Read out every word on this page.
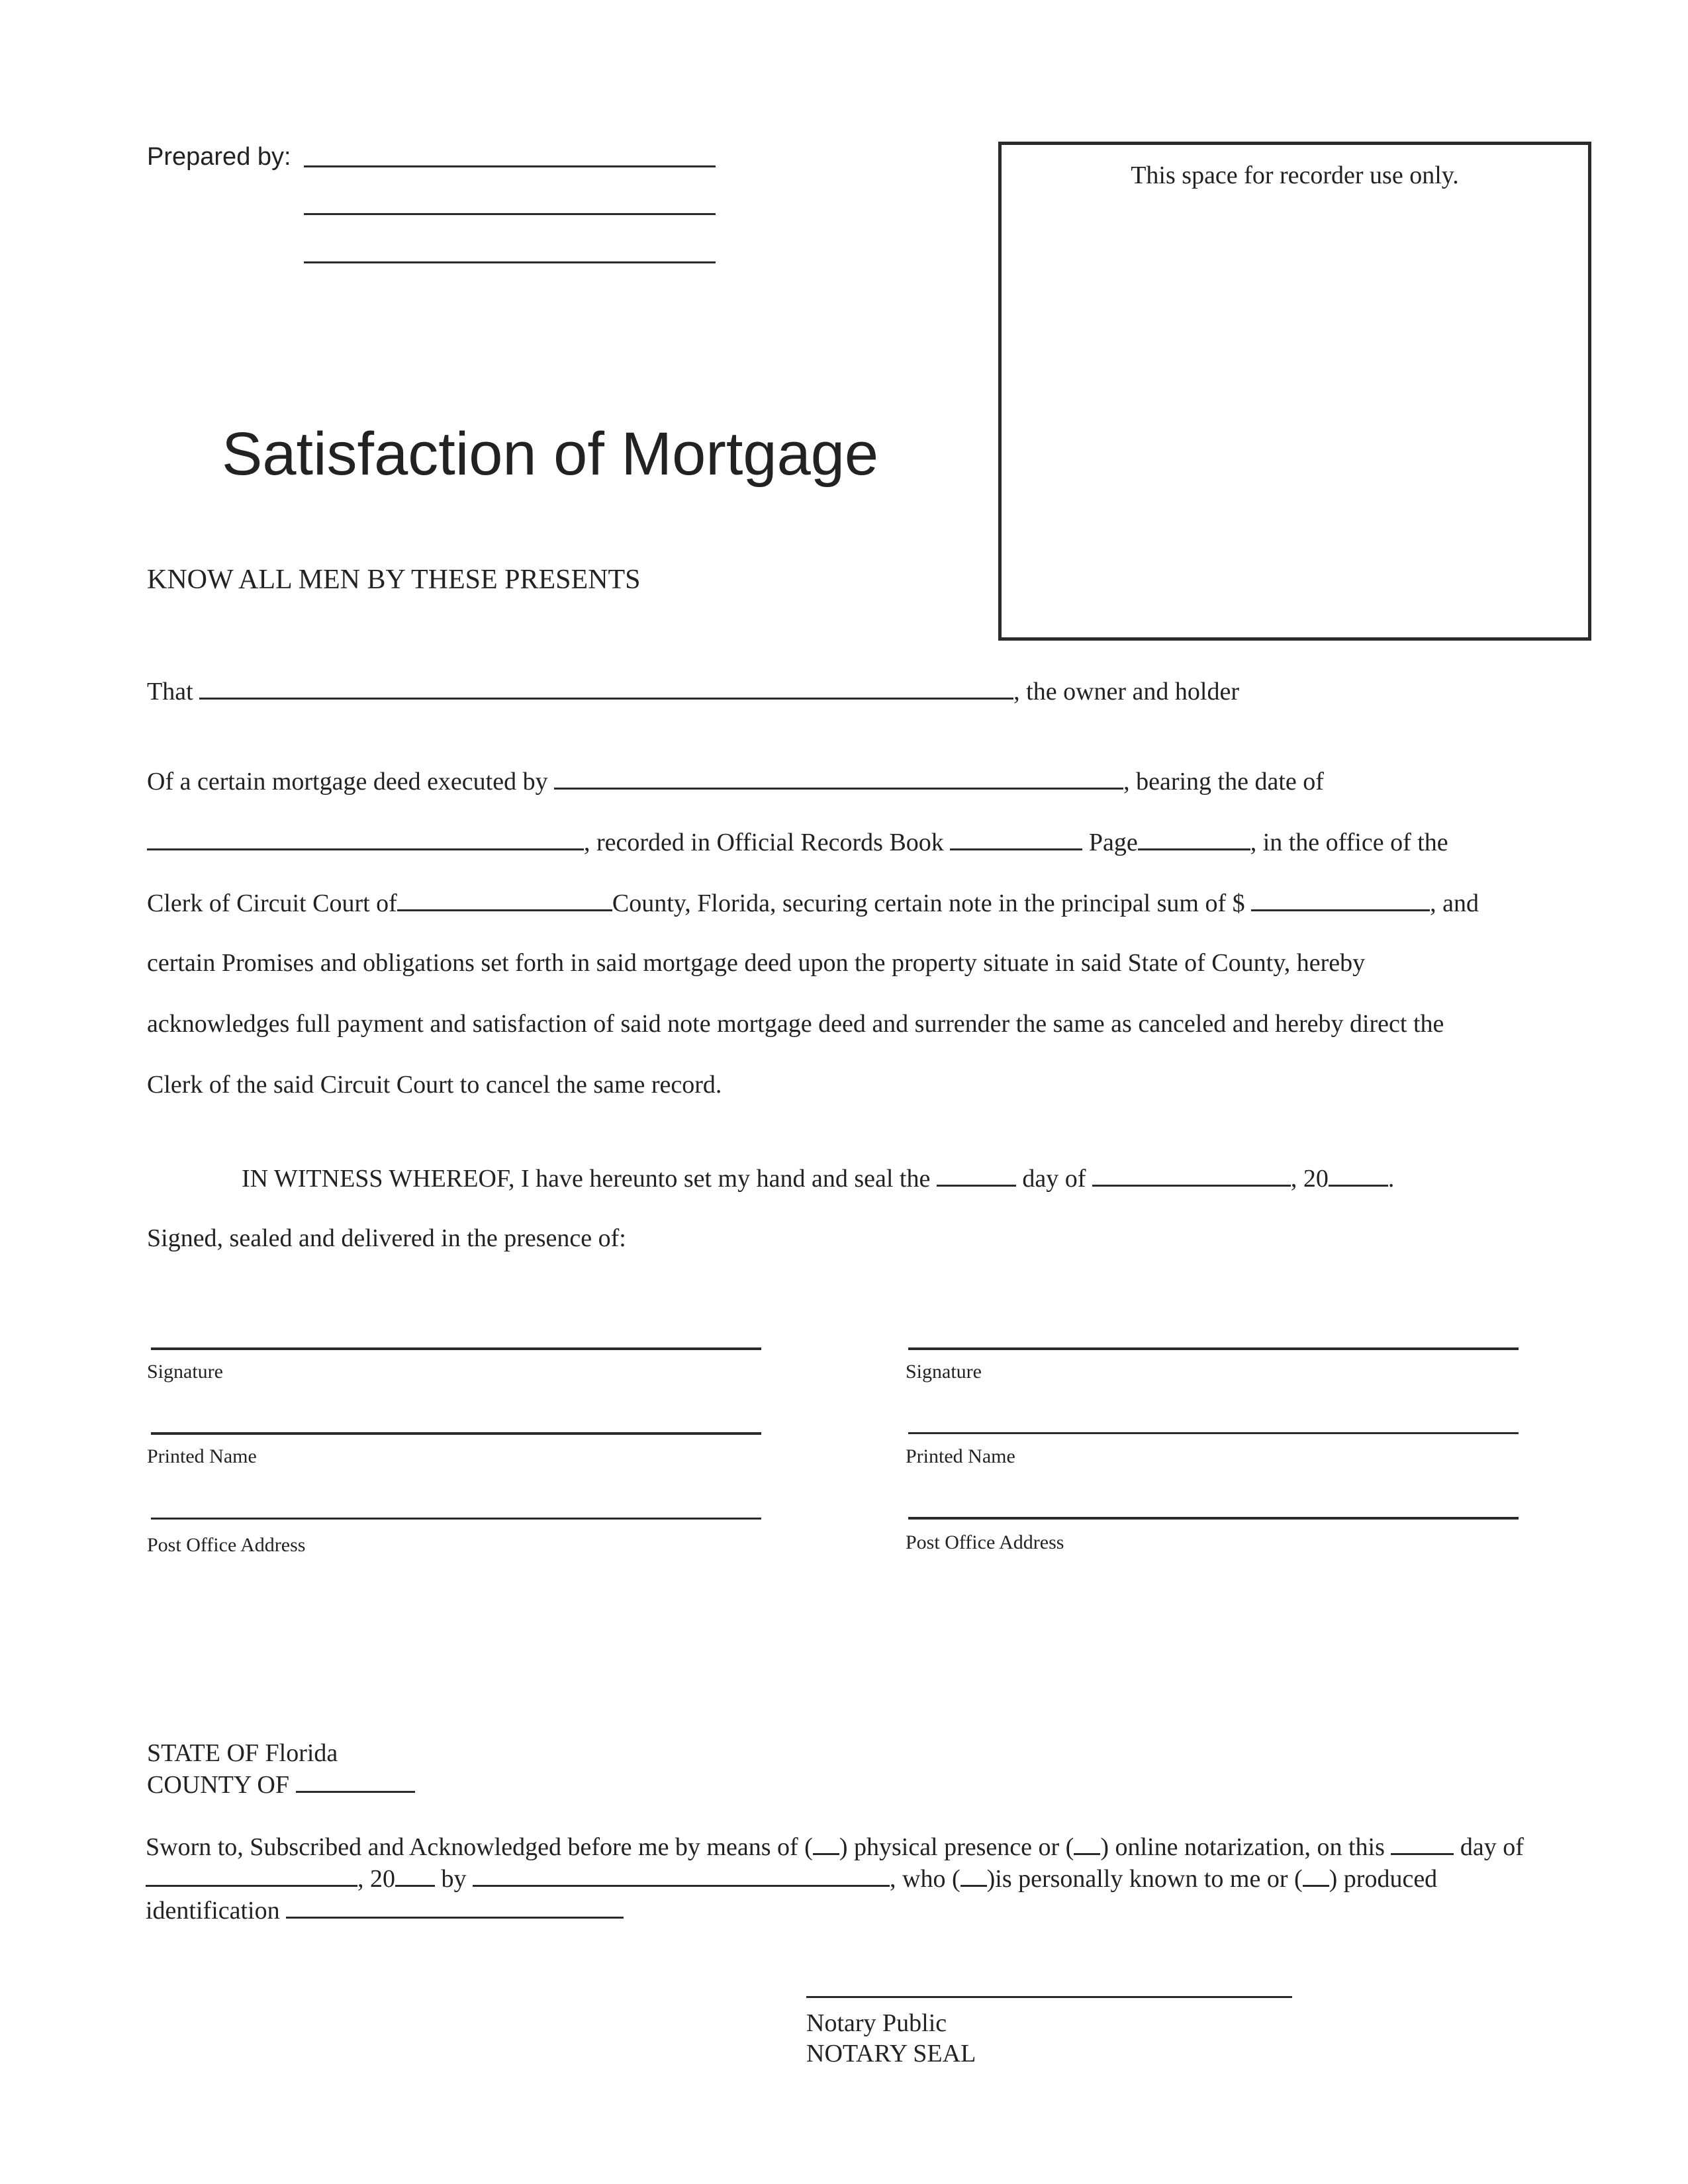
Prepared by:
This space for recorder use only.
Satisfaction of Mortgage
KNOW ALL MEN BY THESE PRESENTS
That	, the owner and holder
Of a certain mortgage deed executed by	, bearing the date of
, recorded in Official Records Book	Page	, in the office of the
Clerk of Circuit Court of	County, Florida, securing certain note in the principal sum of $	, and
certain Promises and obligations set forth in said mortgage deed upon the property situate in said State of County, hereby
acknowledges full payment and satisfaction of said note mortgage deed and surrender the same as canceled and hereby direct the
Clerk of the said Circuit Court to cancel the same record.
IN WITNESS WHEREOF, I have hereunto set my hand and seal the	day of	, 20 .
Signed, sealed and delivered in the presence of:
Signature
Printed Name
Post Office Address
Signature
Printed Name
Post Office Address
STATE OF Florida
COUNTY OF
Sworn to, Subscribed and Acknowledged before me by means of ( ) physical presence or ( ) online notarization, on this	day of
, 20 by	, who ( )is personally known to me or ( ) produced
identification
Notary Public
NOTARY SEAL
